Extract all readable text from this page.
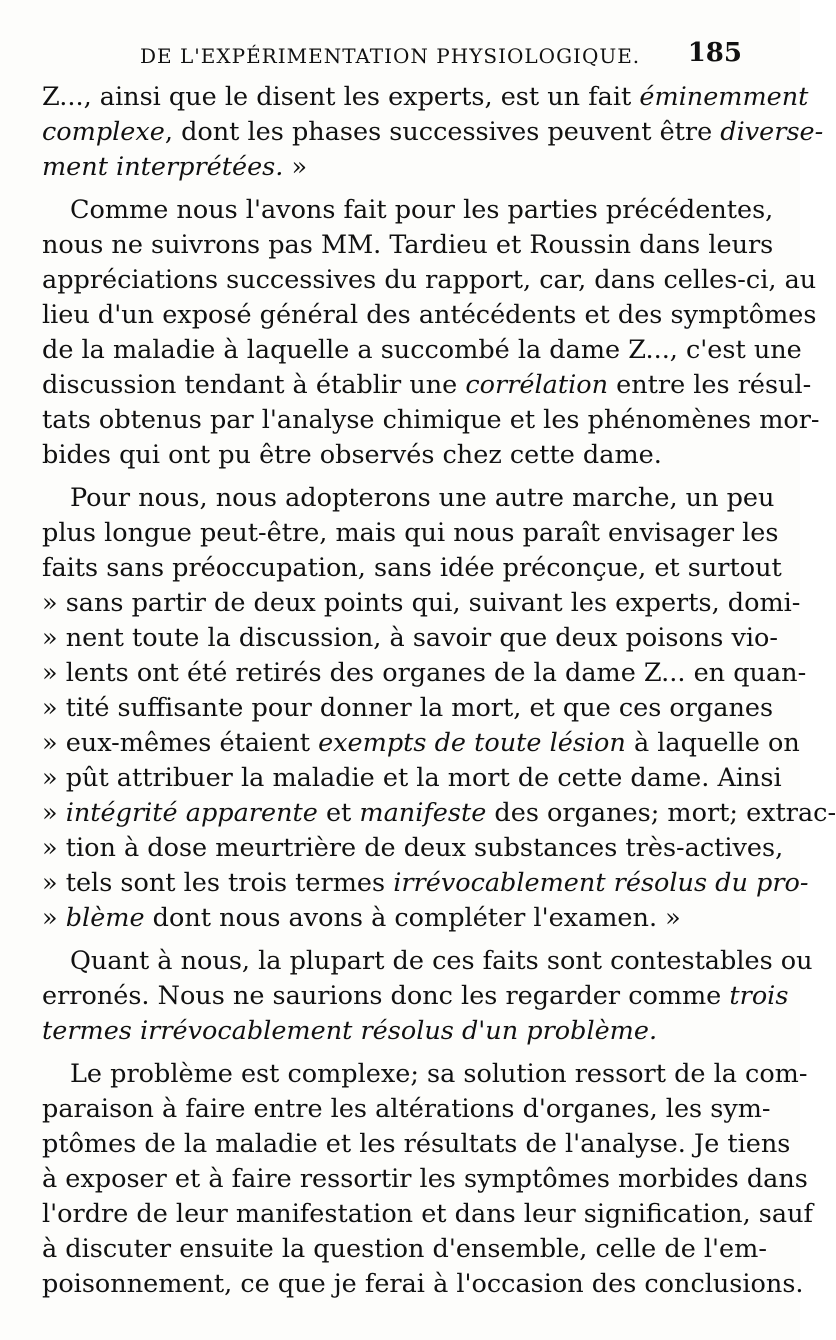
DE L'EXPÉRIMENTATION PHYSIOLOGIQUE. 185
Z..., ainsi que le disent les experts, est un fait éminemment
complexe, dont les phases successives peuvent être diverse-
ment interprétées. »
Comme nous l'avons fait pour les parties précédentes,
nous ne suivrons pas MM. Tardieu et Roussin dans leurs
appréciations successives du rapport, car, dans celles-ci, au
lieu d'un exposé général des antécédents et des symptômes
de la maladie à laquelle a succombé la dame Z..., c'est une
discussion tendant à établir une corrélation entre les résul-
tats obtenus par l'analyse chimique et les phénomènes mor-
bides qui ont pu être observés chez cette dame.
Pour nous, nous adopterons une autre marche, un peu
plus longue peut-être, mais qui nous paraît envisager les
faits sans préoccupation, sans idée préconçue, et surtout
» sans partir de deux points qui, suivant les experts, domi-
» nent toute la discussion, à savoir que deux poisons vio-
» lents ont été retirés des organes de la dame Z... en quan-
» tité suffisante pour donner la mort, et que ces organes
» eux-mêmes étaient exempts de toute lésion à laquelle on
» pût attribuer la maladie et la mort de cette dame. Ainsi
» intégrité apparente et manifeste des organes; mort; extrac-
» tion à dose meurtrière de deux substances très-actives,
» tels sont les trois termes irrévocablement résolus du pro-
» blème dont nous avons à compléter l'examen. »
Quant à nous, la plupart de ces faits sont contestables ou
erronés. Nous ne saurions donc les regarder comme trois
termes irrévocablement résolus d'un problème.
Le problème est complexe; sa solution ressort de la com-
paraison à faire entre les altérations d'organes, les sym-
ptômes de la maladie et les résultats de l'analyse. Je tiens
à exposer et à faire ressortir les symptômes morbides dans
l'ordre de leur manifestation et dans leur signification, sauf
à discuter ensuite la question d'ensemble, celle de l'em-
poisonnement, ce que je ferai à l'occasion des conclusions.
